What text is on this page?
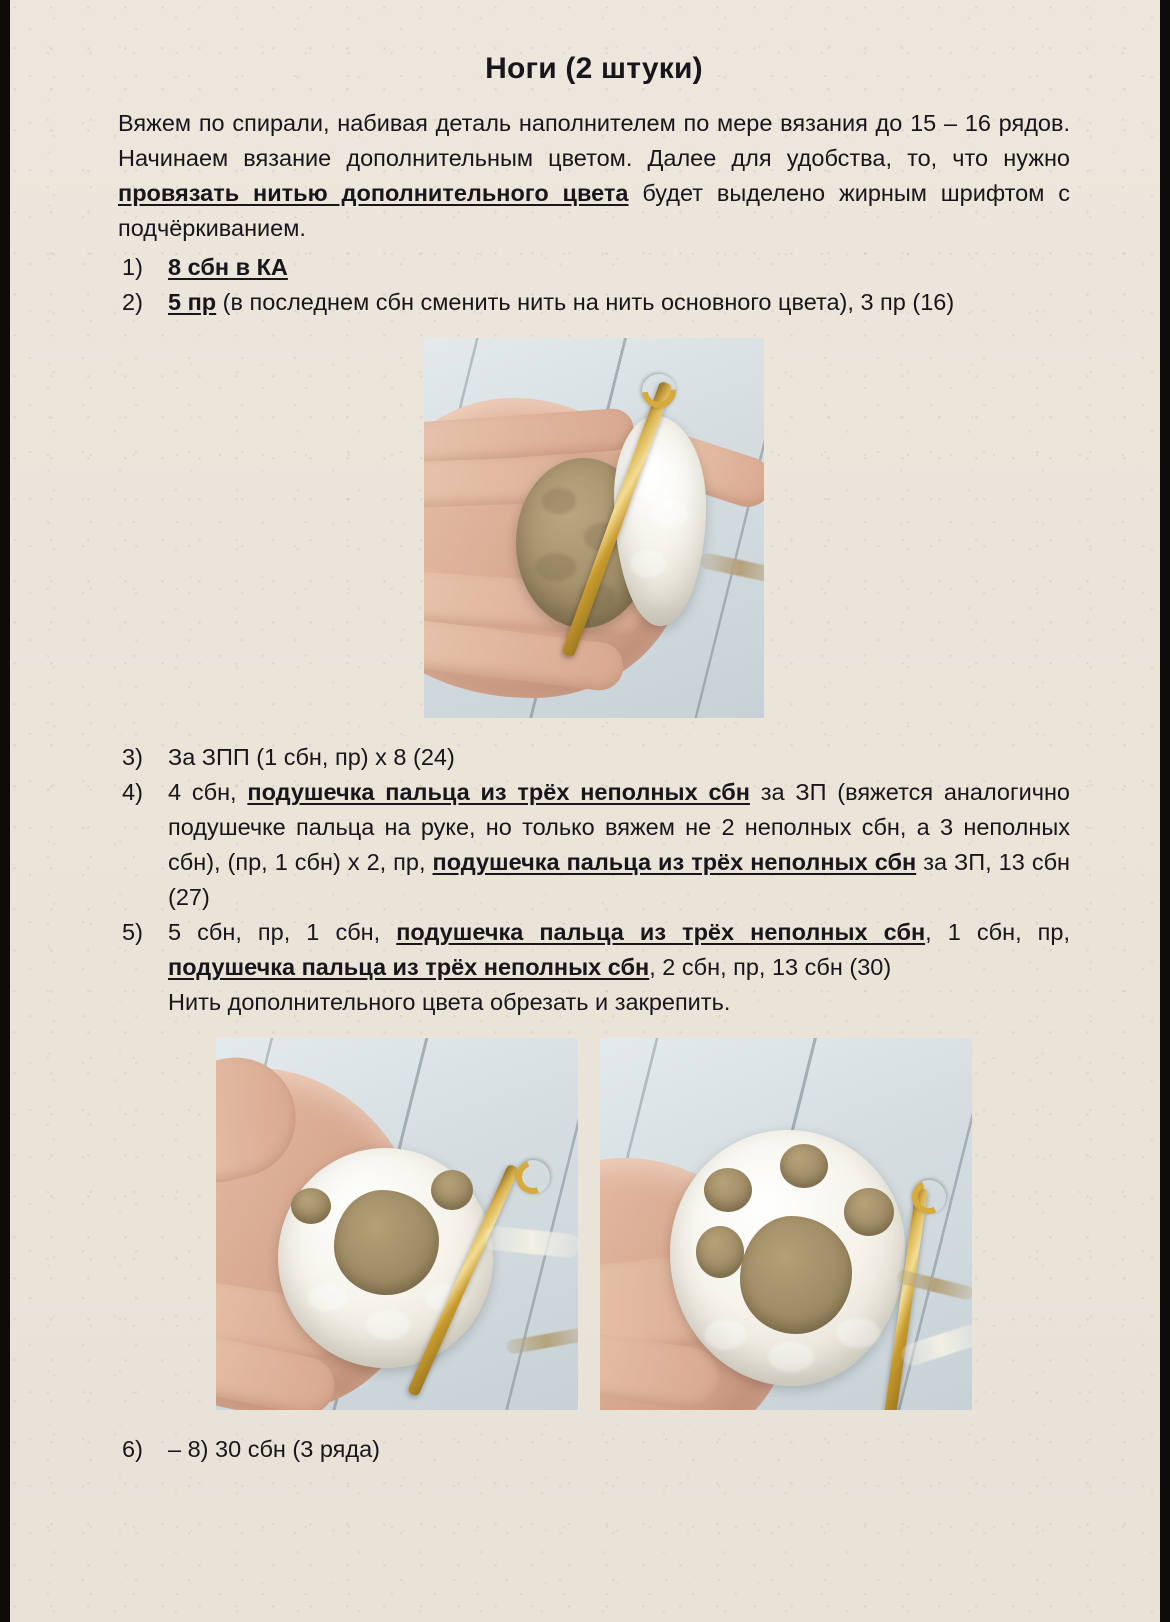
Ноги (2 штуки)

Вяжем по спирали, набивая деталь наполнителем по мере вязания до 15 – 16 рядов. Начинаем вязание дополнительным цветом. Далее для удобства, то, что нужно провязать нитью дополнительного цвета будет выделено жирным шрифтом с подчёркиванием.

1)	8 сбн в КА
2)	5 пр (в последнем сбн сменить нить на нить основного цвета), 3 пр (16)
3)	За ЗПП (1 сбн, пр) x 8 (24)
4)	4 сбн, подушечка пальца из трёх неполных сбн за ЗП (вяжется аналогично подушечке пальца на руке, но только вяжем не 2 неполных сбн, а 3 неполных сбн), (пр, 1 сбн) x 2, пр, подушечка пальца из трёх неполных сбн за ЗП, 13 сбн (27)
5)	5 сбн, пр, 1 сбн, подушечка пальца из трёх неполных сбн, 1 сбн, пр, подушечка пальца из трёх неполных сбн, 2 сбн, пр, 13 сбн (30)
Нить дополнительного цвета обрезать и закрепить.
6)	– 8) 30 сбн (3 ряда)
